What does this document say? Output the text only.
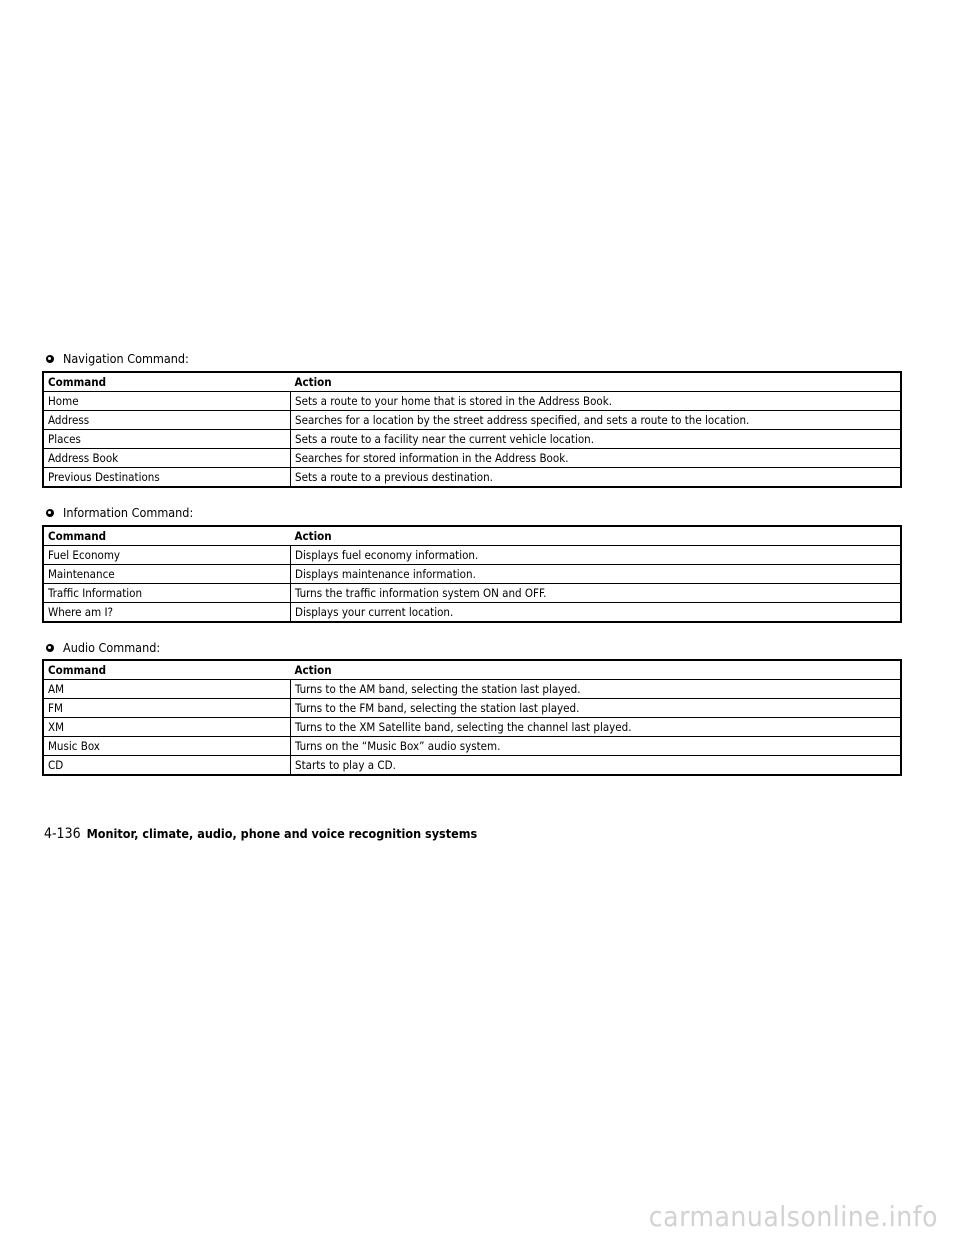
Navigation Command:
Command	Action
Home	Sets a route to your home that is stored in the Address Book.
Address	Searches for a location by the street address specified, and sets a route to the location.
Places	Sets a route to a facility near the current vehicle location.
Address Book	Searches for stored information in the Address Book.
Previous Destinations	Sets a route to a previous destination.
Information Command:
Command	Action
Fuel Economy	Displays fuel economy information.
Maintenance	Displays maintenance information.
Traffic Information	Turns the traffic information system ON and OFF.
Where am I?	Displays your current location.
Audio Command:
Command	Action
AM	Turns to the AM band, selecting the station last played.
FM	Turns to the FM band, selecting the station last played.
XM	Turns to the XM Satellite band, selecting the channel last played.
Music Box	Turns on the “Music Box” audio system.
CD	Starts to play a CD.
4-136 Monitor, climate, audio, phone and voice recognition systems
carmanualsonline.info
